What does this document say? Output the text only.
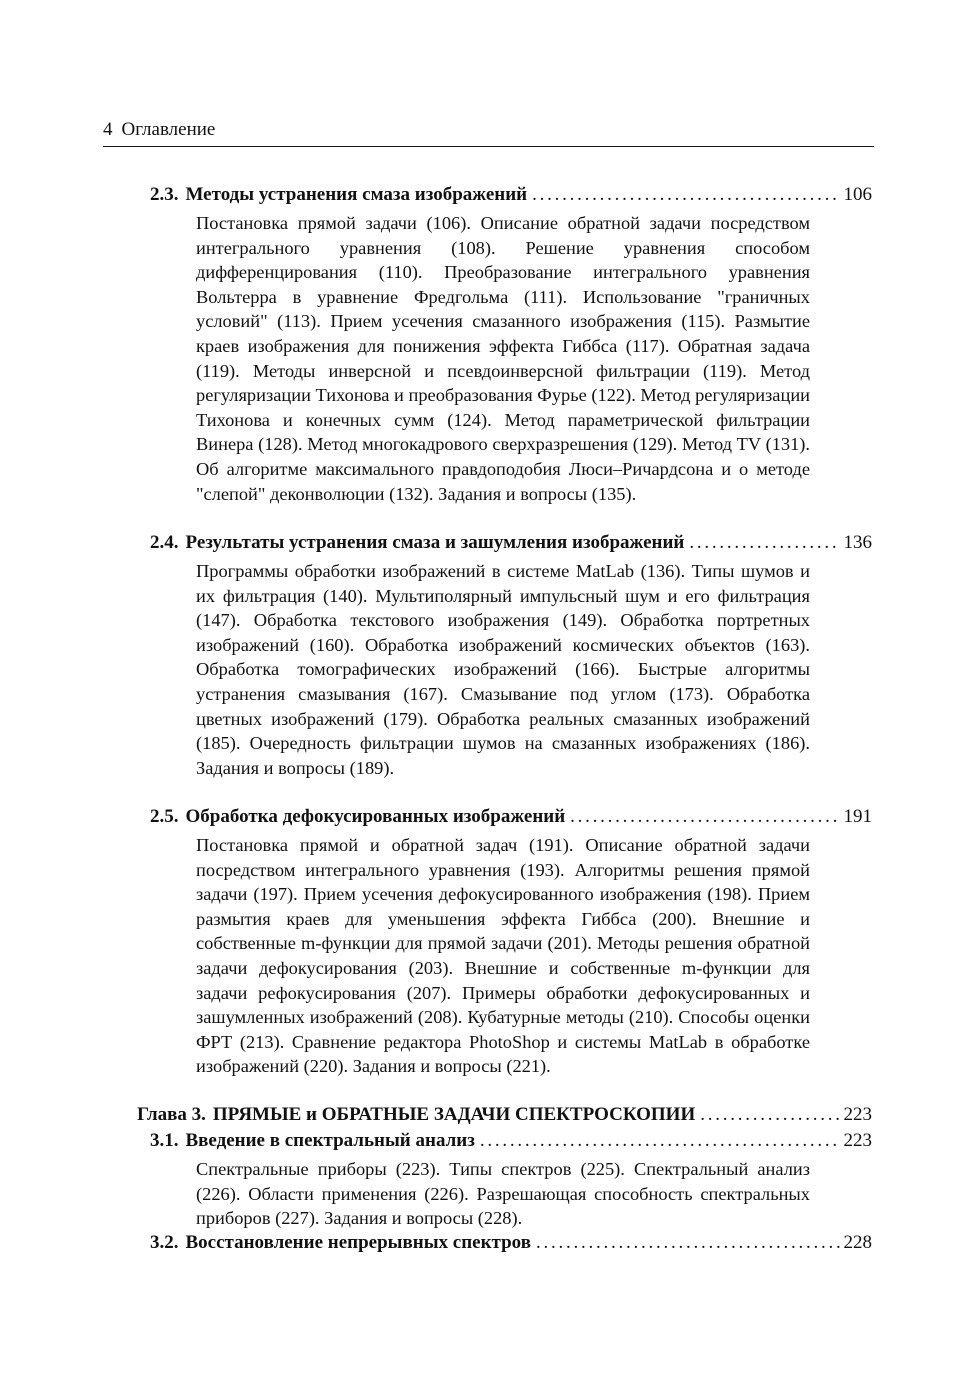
4 Оглавление
2.3. Методы устранения смаза изображений . . .	106
Постановка прямой задачи (106). Описание обратной задачи посредством интегрального уравнения (108). Решение уравнения способом дифференцирования (110). Преобразование интегрального уравнения Вольтерра в уравнение Фредгольма (111). Использование "граничных условий" (113). Прием усечения смазанного изображения (115). Размытие краев изображения для понижения эффекта Гиббса (117). Обратная задача (119). Методы инверсной и псевдоинверсной фильтрации (119). Метод регуляризации Тихонова и преобразования Фурье (122). Метод регуляризации Тихонова и конечных сумм (124). Метод параметрической фильтрации Винера (128). Метод многокадрового сверхразрешения (129). Метод TV (131). Об алгоритме максимального правдоподобия Люси–Ричардсона и о методе "слепой" деконволюции (132). Задания и вопросы (135).
2.4. Результаты устранения смаза и зашумления изображений . . .	136
Программы обработки изображений в системе MatLab (136). Типы шумов и их фильтрация (140). Мультиполярный импульсный шум и его фильтрация (147). Обработка текстового изображения (149). Обработка портретных изображений (160). Обработка изображений космических объектов (163). Обработка томографических изображений (166). Быстрые алгоритмы устранения смазывания (167). Смазывание под углом (173). Обработка цветных изображений (179). Обработка реальных смазанных изображений (185). Очередность фильтрации шумов на смазанных изображениях (186). Задания и вопросы (189).
2.5. Обработка дефокусированных изображений . . .	191
Постановка прямой и обратной задач (191). Описание обратной задачи посредством интегрального уравнения (193). Алгоритмы решения прямой задачи (197). Прием усечения дефокусированного изображения (198). Прием размытия краев для уменьшения эффекта Гиббса (200). Внешние и собственные m-функции для прямой задачи (201). Методы решения обратной задачи дефокусирования (203). Внешние и собственные m-функции для задачи рефокусирования (207). Примеры обработки дефокусированных и зашумленных изображений (208). Кубатурные методы (210). Способы оценки ФРТ (213). Сравнение редактора PhotoShop и системы MatLab в обработке изображений (220). Задания и вопросы (221).
Глава 3. ПРЯМЫЕ и ОБРАТНЫЕ ЗАДАЧИ СПЕКТРОСКОПИИ . . .	223
3.1. Введение в спектральный анализ . . .	223
Спектральные приборы (223). Типы спектров (225). Спектральный анализ (226). Области применения (226). Разрешающая способность спектральных приборов (227). Задания и вопросы (228).
3.2. Восстановление непрерывных спектров . . .	228
